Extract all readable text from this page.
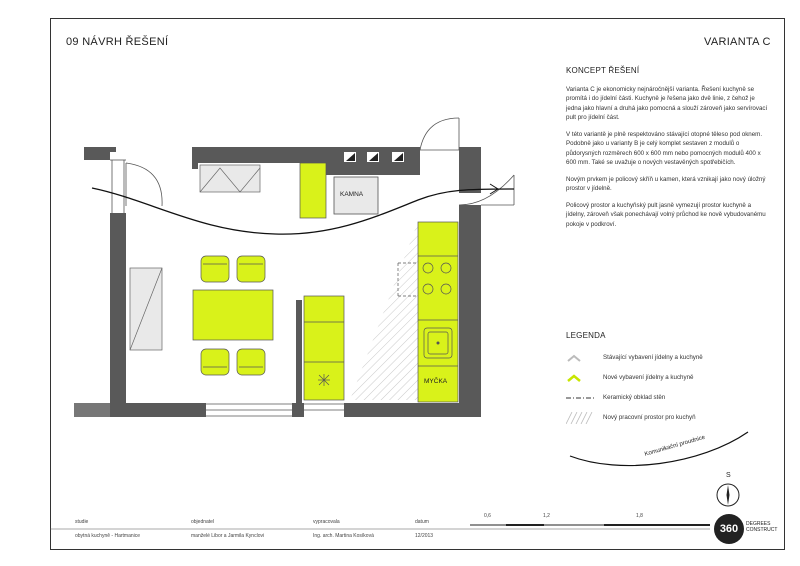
09 NÁVRH ŘEŠENÍ	VARIANTA C
KAMNA
MYČKA
Komunikační proudnice
KONCEPT ŘEŠENÍ

Varianta C je ekonomicky nejnáročnější varianta. Řešení kuchyně se promítá i do jídelní části. Kuchyně je řešena jako dvě linie, z čehož je jedna jako hlavní a druhá jako pomocná a slouží zároveň jako servírovací pult pro jídelní část.

V této variantě je plně respektováno stávající otopné těleso pod oknem. Podobně jako u varianty B je celý komplet sestaven z modulů o půdorysných rozměrech 600 x 600 mm nebo pomocných modulů 400 x 600 mm. Také se uvažuje o nových vestavěných spotřebičích.

Novým prvkem je policový skříň u kamen, která vznikají jako nový úložný prostor v jídelně.

Policový prostor a kuchyňský pult jasně vymezují prostor kuchyně a jídelny, zároveň však ponechávají volný průchod ke nově vybudovanému pokoje v podkroví.

LEGENDA
Stávající vybavení jídelny a kuchyně
Nové vybavení jídelny a kuchyně
Keramický obklad stěn
Nový pracovní prostor pro kuchyň
S
studie
obytná kuchyně - Hartmanice
objednatel
manželé Libor a Jarmila Kynclovi
vypracovala
Ing. arch. Martina Kosíková
datum
12/2013
0,6	1,2	1,8
360	DEGREES
CONSTRUCT
